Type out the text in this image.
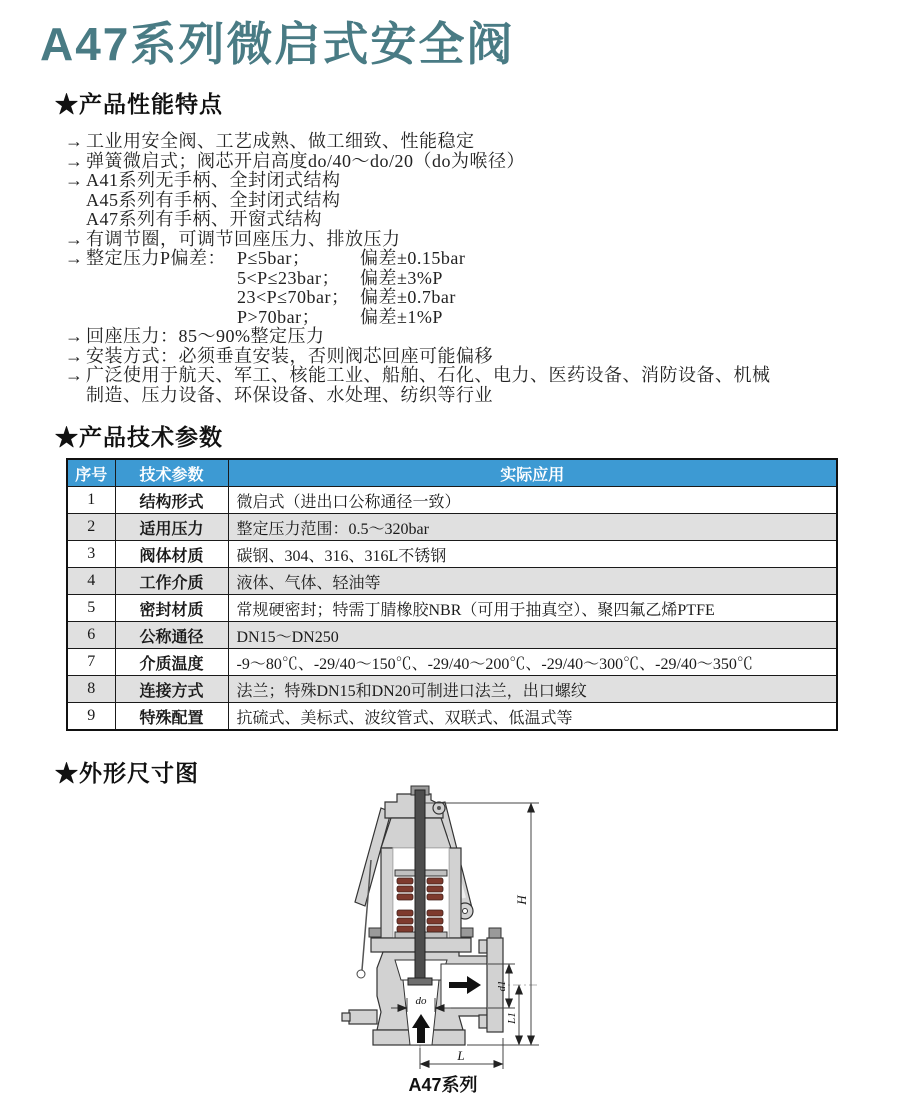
A47系列微启式安全阀
★产品性能特点
→ 工业用安全阀、工艺成熟、做工细致、性能稳定
→ 弹簧微启式；阀芯开启高度do/40～do/20（do为喉径）
→ A41系列无手柄、全封闭式结构
A45系列有手柄、全封闭式结构
A47系列有手柄、开窗式结构
→ 有调节圈，可调节回座压力、排放压力
→ 整定压力P偏差： P≤5bar；	偏差±0.15bar
5<P≤23bar；	偏差±3%P
23<P≤70bar； 偏差±0.7bar
P>70bar；	偏差±1%P
→ 回座压力：85～90%整定压力
→ 安装方式：必须垂直安装，否则阀芯回座可能偏移
→ 广泛使用于航天、军工、核能工业、船舶、石化、电力、医药设备、消防设备、机械
制造、压力设备、环保设备、水处理、纺织等行业
★产品技术参数
序号	技术参数	实际应用
1	结构形式	微启式（进出口公称通径一致）
2	适用压力	整定压力范围：0.5～320bar
3	阀体材质	碳钢、304、316、316L不锈钢
4	工作介质	液体、气体、轻油等
5	密封材质	常规硬密封；特需丁腈橡胶NBR（可用于抽真空）、聚四氟乙烯PTFE
6	公称通径	DN15～DN250
7	介质温度	-9～80℃、-29/40～150℃、-29/40～200℃、-29/40～300℃、-29/40～350℃
8	连接方式	法兰；特殊DN15和DN20可制进口法兰，出口螺纹
9	特殊配置	抗硫式、美标式、波纹管式、双联式、低温式等
★外形尺寸图
do
d1
L1
H
L
A47系列
